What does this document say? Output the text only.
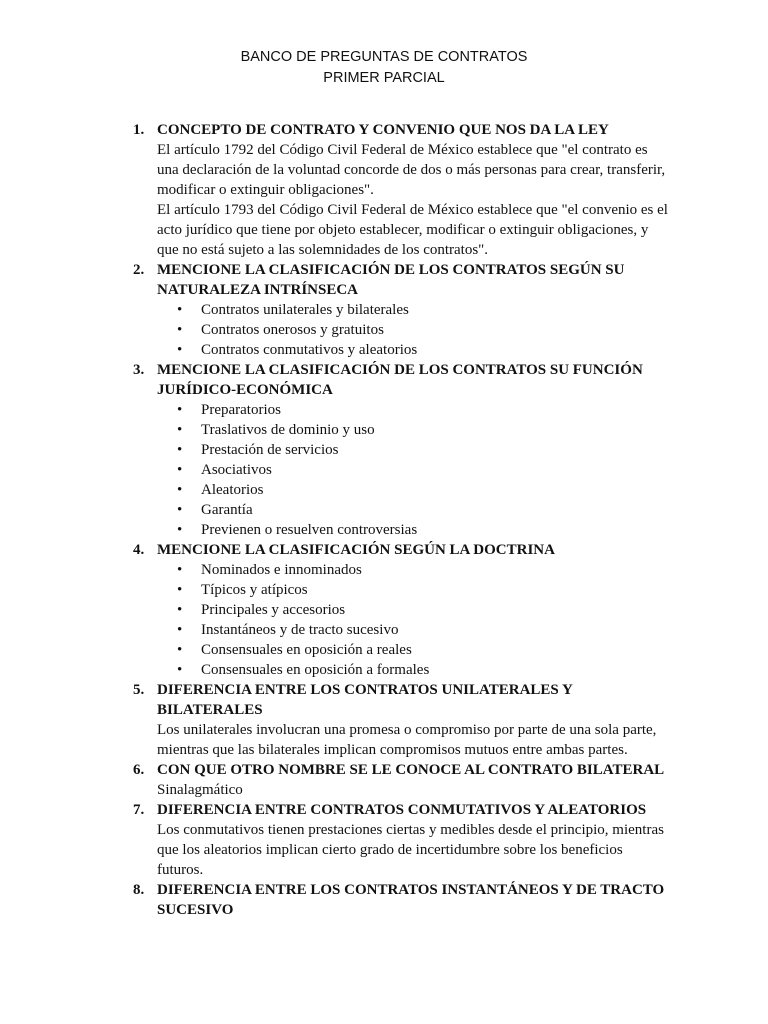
BANCO DE PREGUNTAS DE CONTRATOS
PRIMER PARCIAL
1. CONCEPTO DE CONTRATO Y CONVENIO QUE NOS DA LA LEY

El artículo 1792 del Código Civil Federal de México establece que "el contrato es una declaración de la voluntad concorde de dos o más personas para crear, transferir, modificar o extinguir obligaciones".

El artículo 1793 del Código Civil Federal de México establece que "el convenio es el acto jurídico que tiene por objeto establecer, modificar o extinguir obligaciones, y que no está sujeto a las solemnidades de los contratos".

2. MENCIONE LA CLASIFICACIÓN DE LOS CONTRATOS SEGÚN SU NATURALEZA INTRÍNSECA

• Contratos unilaterales y bilaterales
• Contratos onerosos y gratuitos
• Contratos conmutativos y aleatorios
3. MENCIONE LA CLASIFICACIÓN DE LOS CONTRATOS SU FUNCIÓN JURÍDICO-ECONÓMICA

• Preparatorios
• Traslativos de dominio y uso
• Prestación de servicios
• Asociativos
• Aleatorios
• Garantía
• Previenen o resuelven controversias
4. MENCIONE LA CLASIFICACIÓN SEGÚN LA DOCTRINA

• Nominados e innominados
• Típicos y atípicos
• Principales y accesorios
• Instantáneos y de tracto sucesivo
• Consensuales en oposición a reales
• Consensuales en oposición a formales
5. DIFERENCIA ENTRE LOS CONTRATOS UNILATERALES Y BILATERALES

Los unilaterales involucran una promesa o compromiso por parte de una sola parte, mientras que las bilaterales implican compromisos mutuos entre ambas partes.

6. CON QUE OTRO NOMBRE SE LE CONOCE AL CONTRATO BILATERAL

Sinalagmático

7. DIFERENCIA ENTRE CONTRATOS CONMUTATIVOS Y ALEATORIOS

Los conmutativos tienen prestaciones ciertas y medibles desde el principio, mientras que los aleatorios implican cierto grado de incertidumbre sobre los beneficios futuros.

8. DIFERENCIA ENTRE LOS CONTRATOS INSTANTÁNEOS Y DE TRACTO SUCESIVO
